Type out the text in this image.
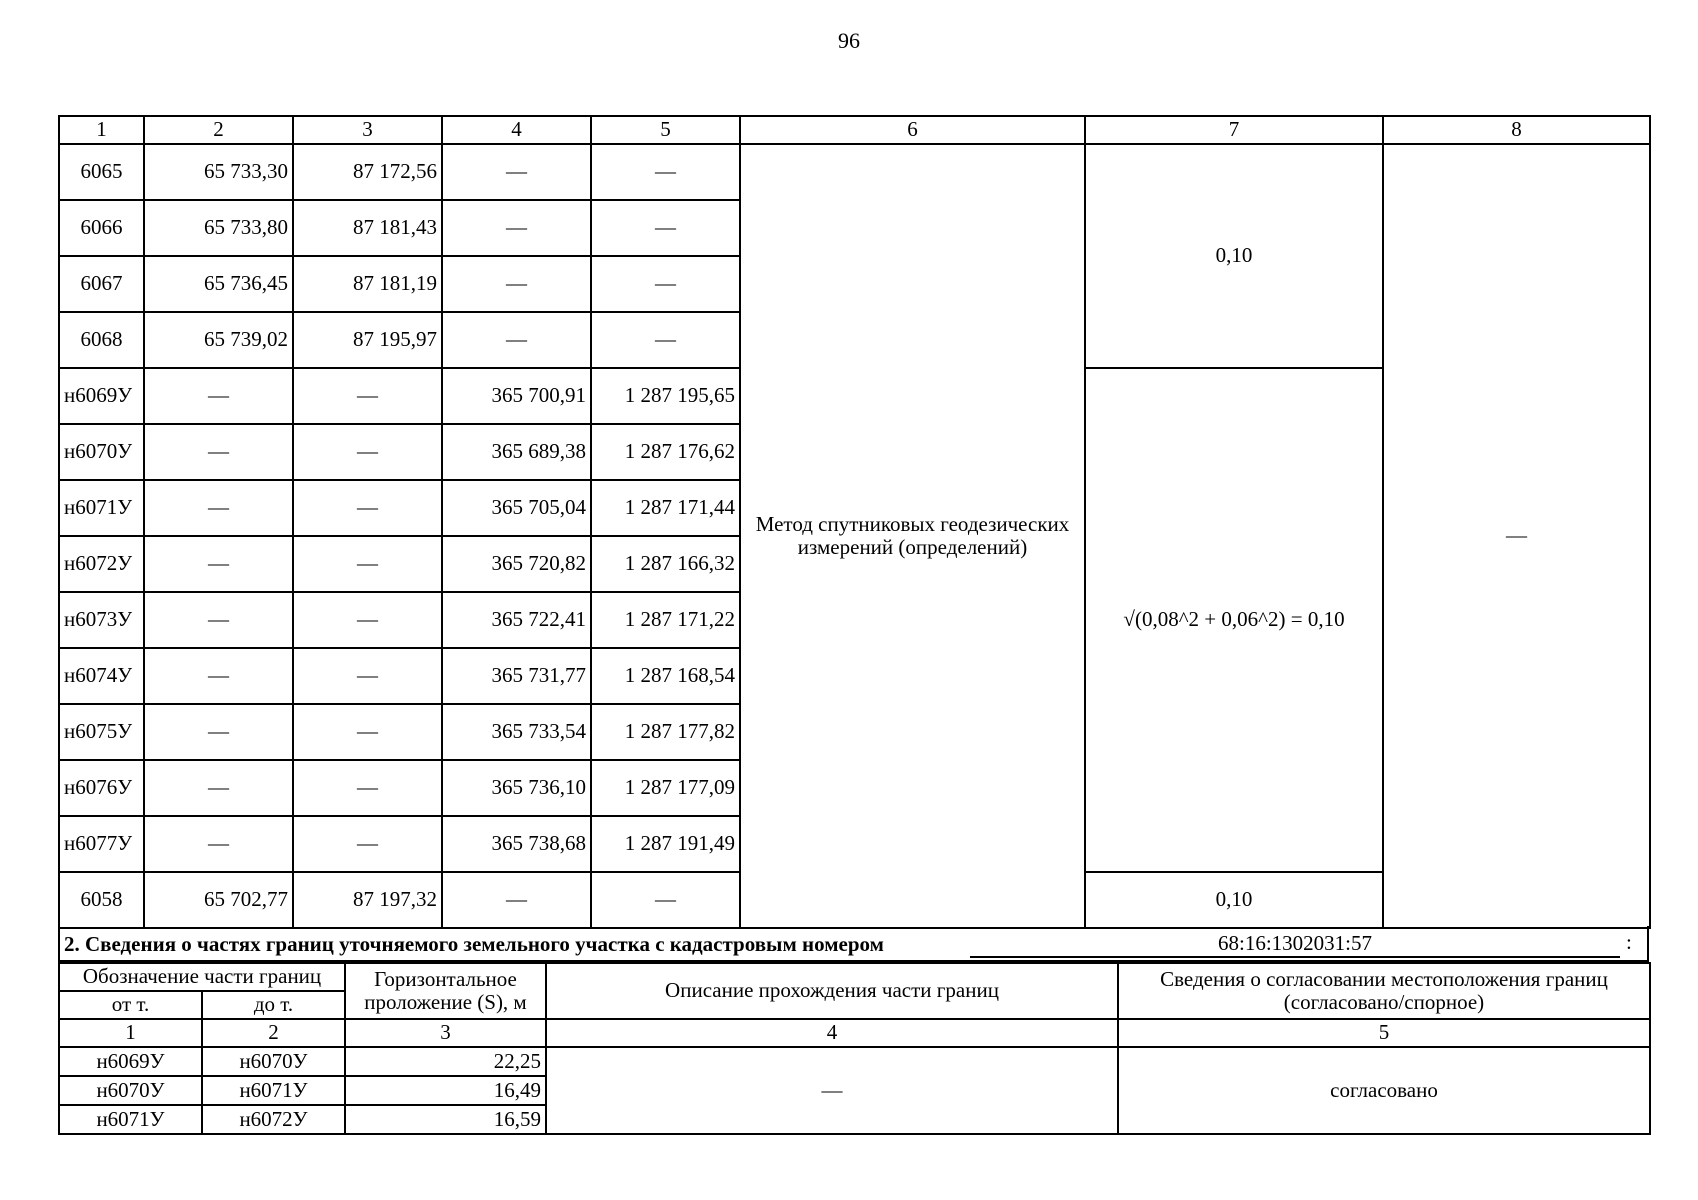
96
1	2	3	4	5	6	7	8
6065	65 733,30	87 172,56	—	—	Метод спутниковых геодезических измерений (определений)	0,10	—
6066	65 733,80	87 181,43	—	—			
6067	65 736,45	87 181,19	—	—			
6068	65 739,02	87 195,97	—	—			
н6069У	—	—	365 700,91	1 287 195,65		√(0,08^2 + 0,06^2) = 0,10	
н6070У	—	—	365 689,38	1 287 176,62			
н6071У	—	—	365 705,04	1 287 171,44			
н6072У	—	—	365 720,82	1 287 166,32			
н6073У	—	—	365 722,41	1 287 171,22			
н6074У	—	—	365 731,77	1 287 168,54			
н6075У	—	—	365 733,54	1 287 177,82			
н6076У	—	—	365 736,10	1 287 177,09			
н6077У	—	—	365 738,68	1 287 191,49			
6058	65 702,77	87 197,32	—	—		0,10	
2. Сведения о частях границ уточняемого земельного участка с кадастровым номером	68:16:1302031:57	:
Обозначение части границ		Горизонтальное проложение (S), м	Описание прохождения части границ	Сведения о согласовании местоположения границ (согласовано/спорное)
от т.	до т.			
1	2	3	4	5
н6069У	н6070У	22,25	—	согласовано
н6070У	н6071У	16,49		
н6071У	н6072У	16,59		
